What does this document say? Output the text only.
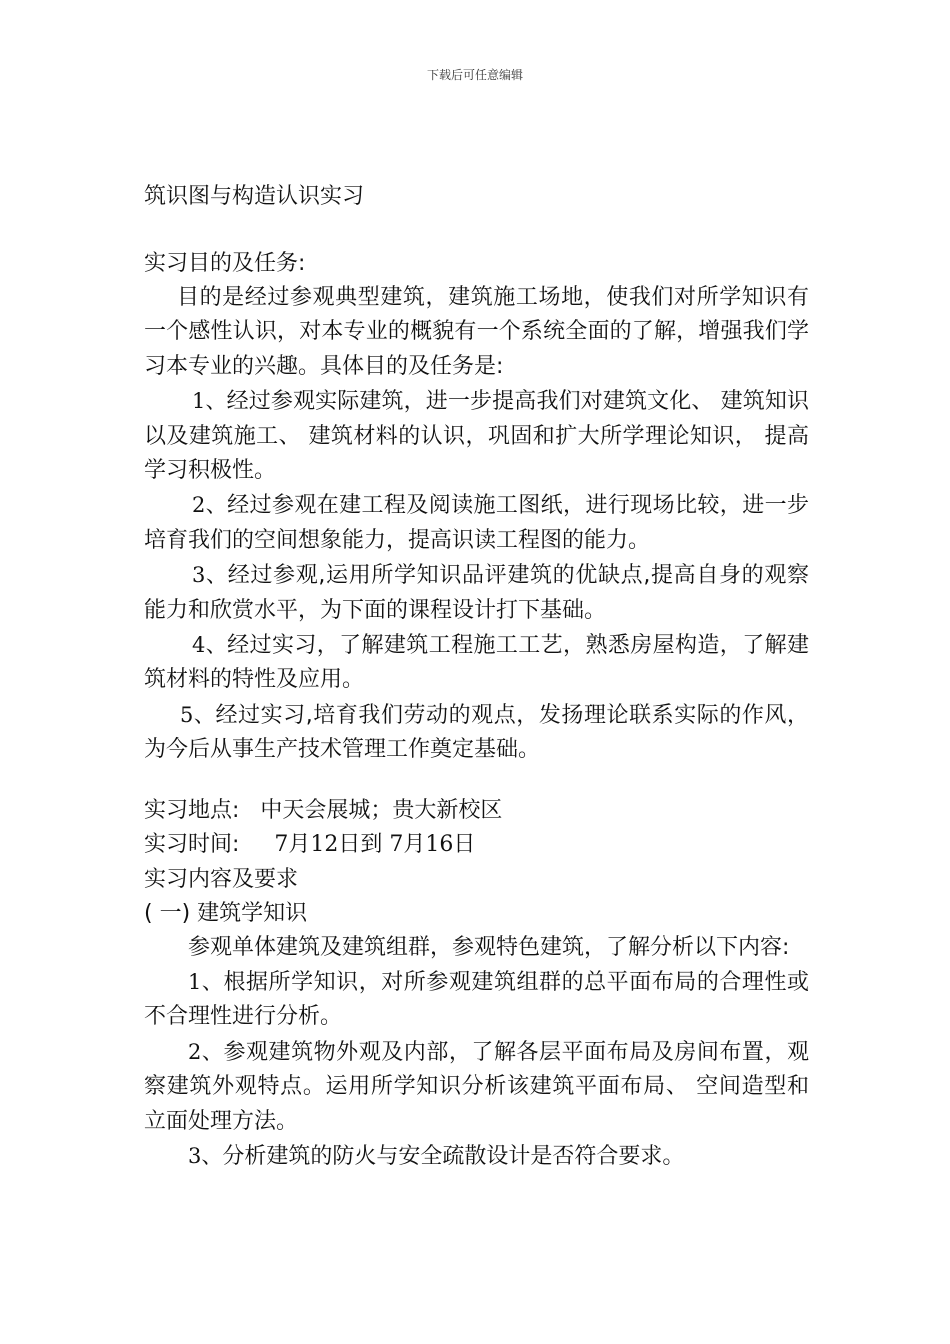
下载后可任意编辑
筑识图与构造认识实习
实习目的及任务:

目的是经过参观典型建筑，建筑施工场地，使我们对所学知识有一个感性认识，对本专业的概貌有一个系统全面的了解，增强我们学习本专业的兴趣。具体目的及任务是:

1、经过参观实际建筑，进一步提高我们对建筑文化、 建筑知识以及建筑施工、 建筑材料的认识，巩固和扩大所学理论知识， 提高学习积极性。

2、经过参观在建工程及阅读施工图纸，进行现场比较，进一步培育我们的空间想象能力，提高识读工程图的能力。

3、经过参观,运用所学知识品评建筑的优缺点,提高自身的观察能力和欣赏水平，为下面的课程设计打下基础。

4、经过实习，了解建筑工程施工工艺，熟悉房屋构造，了解建筑材料的特性及应用。

5、经过实习,培育我们劳动的观点，发扬理论联系实际的作风，为今后从事生产技术管理工作奠定基础。

实习地点: 中天会展城；贵大新校区

实习时间: 7月12日到 7月16日

实习内容及要求
( 一) 建筑学知识

参观单体建筑及建筑组群，参观特色建筑，了解分析以下内容:

1、根据所学知识，对所参观建筑组群的总平面布局的合理性或不合理性进行分析。

2、参观建筑物外观及内部，了解各层平面布局及房间布置，观察建筑外观特点。运用所学知识分析该建筑平面布局、 空间造型和立面处理方法。

3、分析建筑的防火与安全疏散设计是否符合要求。
